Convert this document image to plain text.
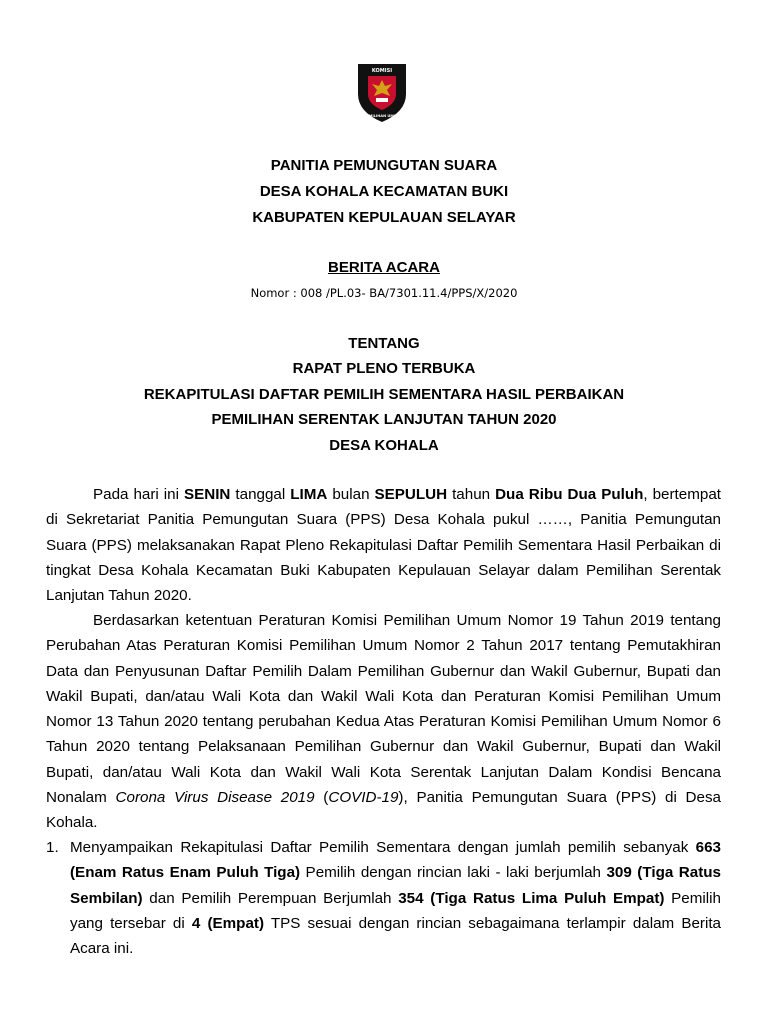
KOMISI
PEMILIHAN UMUM
PANITIA PEMUNGUTAN SUARA
DESA KOHALA KECAMATAN BUKI
KABUPATEN KEPULAUAN SELAYAR
BERITA ACARA
Nomor : 008 /PL.03- BA/7301.11.4/PPS/X/2020
TENTANG
RAPAT PLENO TERBUKA
REKAPITULASI DAFTAR PEMILIH SEMENTARA HASIL PERBAIKAN
PEMILIHAN SERENTAK LANJUTAN TAHUN 2020
DESA KOHALA

Pada hari ini SENIN tanggal LIMA bulan SEPULUH tahun Dua Ribu Dua Puluh, bertempat di Sekretariat Panitia Pemungutan Suara (PPS) Desa Kohala pukul ……, Panitia Pemungutan Suara (PPS) melaksanakan Rapat Pleno Rekapitulasi Daftar Pemilih Sementara Hasil Perbaikan di tingkat Desa Kohala Kecamatan Buki Kabupaten Kepulauan Selayar dalam Pemilihan Serentak Lanjutan Tahun 2020.

Berdasarkan ketentuan Peraturan Komisi Pemilihan Umum Nomor 19 Tahun 2019 tentang Perubahan Atas Peraturan Komisi Pemilihan Umum Nomor 2 Tahun 2017 tentang Pemutakhiran Data dan Penyusunan Daftar Pemilih Dalam Pemilihan Gubernur dan Wakil Gubernur, Bupati dan Wakil Bupati, dan/atau Wali Kota dan Wakil Wali Kota dan Peraturan Komisi Pemilihan Umum Nomor 13 Tahun 2020 tentang perubahan Kedua Atas Peraturan Komisi Pemilihan Umum Nomor 6 Tahun 2020 tentang Pelaksanaan Pemilihan Gubernur dan Wakil Gubernur, Bupati dan Wakil Bupati, dan/atau Wali Kota dan Wakil Wali Kota Serentak Lanjutan Dalam Kondisi Bencana Nonalam Corona Virus Disease 2019 (COVID-19), Panitia Pemungutan Suara (PPS) di Desa Kohala.

1. Menyampaikan Rekapitulasi Daftar Pemilih Sementara dengan jumlah pemilih sebanyak 663 (Enam Ratus Enam Puluh Tiga) Pemilih dengan rincian laki - laki berjumlah 309 (Tiga Ratus Sembilan) dan Pemilih Perempuan Berjumlah 354 (Tiga Ratus Lima Puluh Empat) Pemilih yang tersebar di 4 (Empat) TPS sesuai dengan rincian sebagaimana terlampir dalam Berita Acara ini.
